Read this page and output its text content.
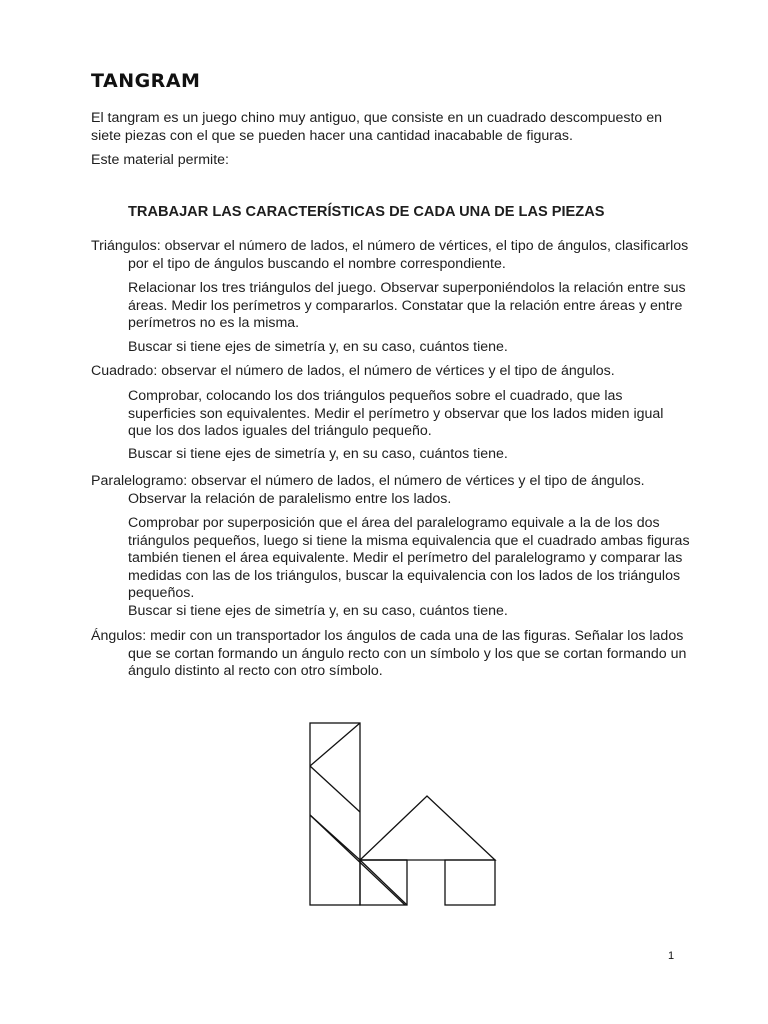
TANGRAM

El tangram es un juego chino muy antiguo, que consiste en un cuadrado descompuesto en siete piezas con el que se pueden hacer una cantidad inacabable de figuras.

Este material permite:

TRABAJAR LAS CARACTERÍSTICAS DE CADA UNA DE LAS PIEZAS

Triángulos: observar el número de lados, el número de vértices, el tipo de ángulos, clasificarlos por el tipo de ángulos buscando el nombre correspondiente.

Relacionar los tres triángulos del juego. Observar superponiéndolos la relación entre sus áreas. Medir los perímetros y compararlos. Constatar que la relación entre áreas y entre perímetros no es la misma.

Buscar si tiene ejes de simetría y, en su caso, cuántos tiene.

Cuadrado: observar el número de lados, el número de vértices y el tipo de ángulos.

Comprobar, colocando los dos triángulos pequeños sobre el cuadrado, que las superficies son equivalentes. Medir el perímetro y observar que los lados miden igual que los dos lados iguales del triángulo pequeño.

Buscar si tiene ejes de simetría y, en su caso, cuántos tiene.

Paralelogramo: observar el número de lados, el número de vértices y el tipo de ángulos. Observar la relación de paralelismo entre los lados.

Comprobar por superposición que el área del paralelogramo equivale a la de los dos triángulos pequeños, luego si tiene la misma equivalencia que el cuadrado ambas figuras también tienen el área equivalente. Medir el perímetro del paralelogramo y comparar las medidas con las de los triángulos, buscar la equivalencia con los lados de los triángulos pequeños.

Buscar si tiene ejes de simetría y, en su caso, cuántos tiene.

Ángulos: medir con un transportador los ángulos de cada una de las figuras. Señalar los lados que se cortan formando un ángulo recto con un símbolo y los que se cortan formando un ángulo distinto al recto con otro símbolo.

1
